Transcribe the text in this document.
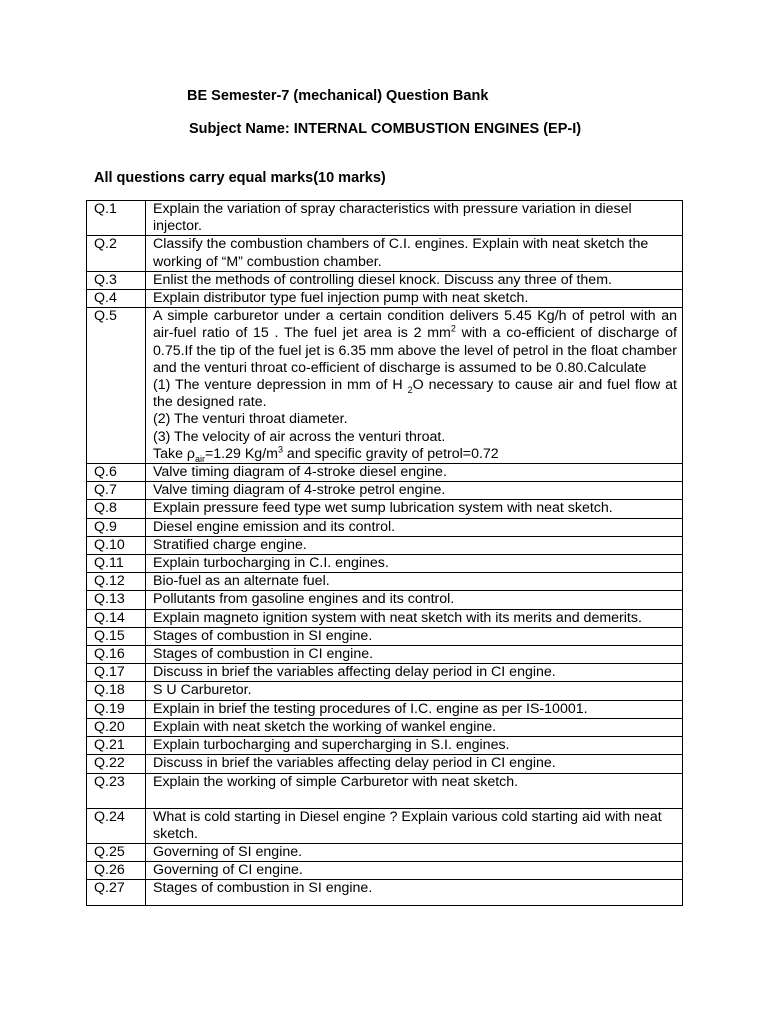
BE Semester-7 (mechanical) Question Bank
Subject Name: INTERNAL COMBUSTION ENGINES (EP-I)
All questions carry equal marks(10 marks)
Q.1	Explain the variation of spray characteristics with pressure variation in diesel injector.
Q.2	Classify the combustion chambers of C.I. engines. Explain with neat sketch the working of “M” combustion chamber.
Q.3	Enlist the methods of controlling diesel knock. Discuss any three of them.
Q.4	Explain distributor type fuel injection pump with neat sketch.
Q.5	A simple carburetor under a certain condition delivers 5.45 Kg/h of petrol with an air-fuel ratio of 15 . The fuel jet area is 2 $mm^2$ with a co-efficient of discharge of 0.75.If the tip of the fuel jet is 6.35 mm above the level of petrol in the float chamber and the venturi throat co-efficient of discharge is assumed to be 0.80.Calculate
(1) The venture depression in mm of H $_2$O necessary to cause air and fuel flow at the designed rate.
(2) The venturi throat diameter.
(3) The velocity of air across the venturi throat.
Take $\rho_{air}=1.29$ $Kg/m^3$ and specific gravity of petrol=0.72

Q.6	Valve timing diagram of 4-stroke diesel engine.
Q.7	Valve timing diagram of 4-stroke petrol engine.
Q.8	Explain pressure feed type wet sump lubrication system with neat sketch.
Q.9	Diesel engine emission and its control.
Q.10	Stratified charge engine.
Q.11	Explain turbocharging in C.I. engines.
Q.12	Bio-fuel as an alternate fuel.
Q.13	Pollutants from gasoline engines and its control.
Q.14	Explain magneto ignition system with neat sketch with its merits and demerits.
Q.15	Stages of combustion in SI engine.
Q.16	Stages of combustion in CI engine.
Q.17	Discuss in brief the variables affecting delay period in CI engine.
Q.18	S U Carburetor.
Q.19	Explain in brief the testing procedures of I.C. engine as per IS-10001.
Q.20	Explain with neat sketch the working of wankel engine.
Q.21	Explain turbocharging and supercharging in S.I. engines.
Q.22	Discuss in brief the variables affecting delay period in CI engine.
Q.23	Explain the working of simple Carburetor with neat sketch.
Q.24	What is cold starting in Diesel engine ? Explain various cold starting aid with neat sketch.
Q.25	Governing of SI engine.
Q.26	Governing of CI engine.
Q.27	Stages of combustion in SI engine.
